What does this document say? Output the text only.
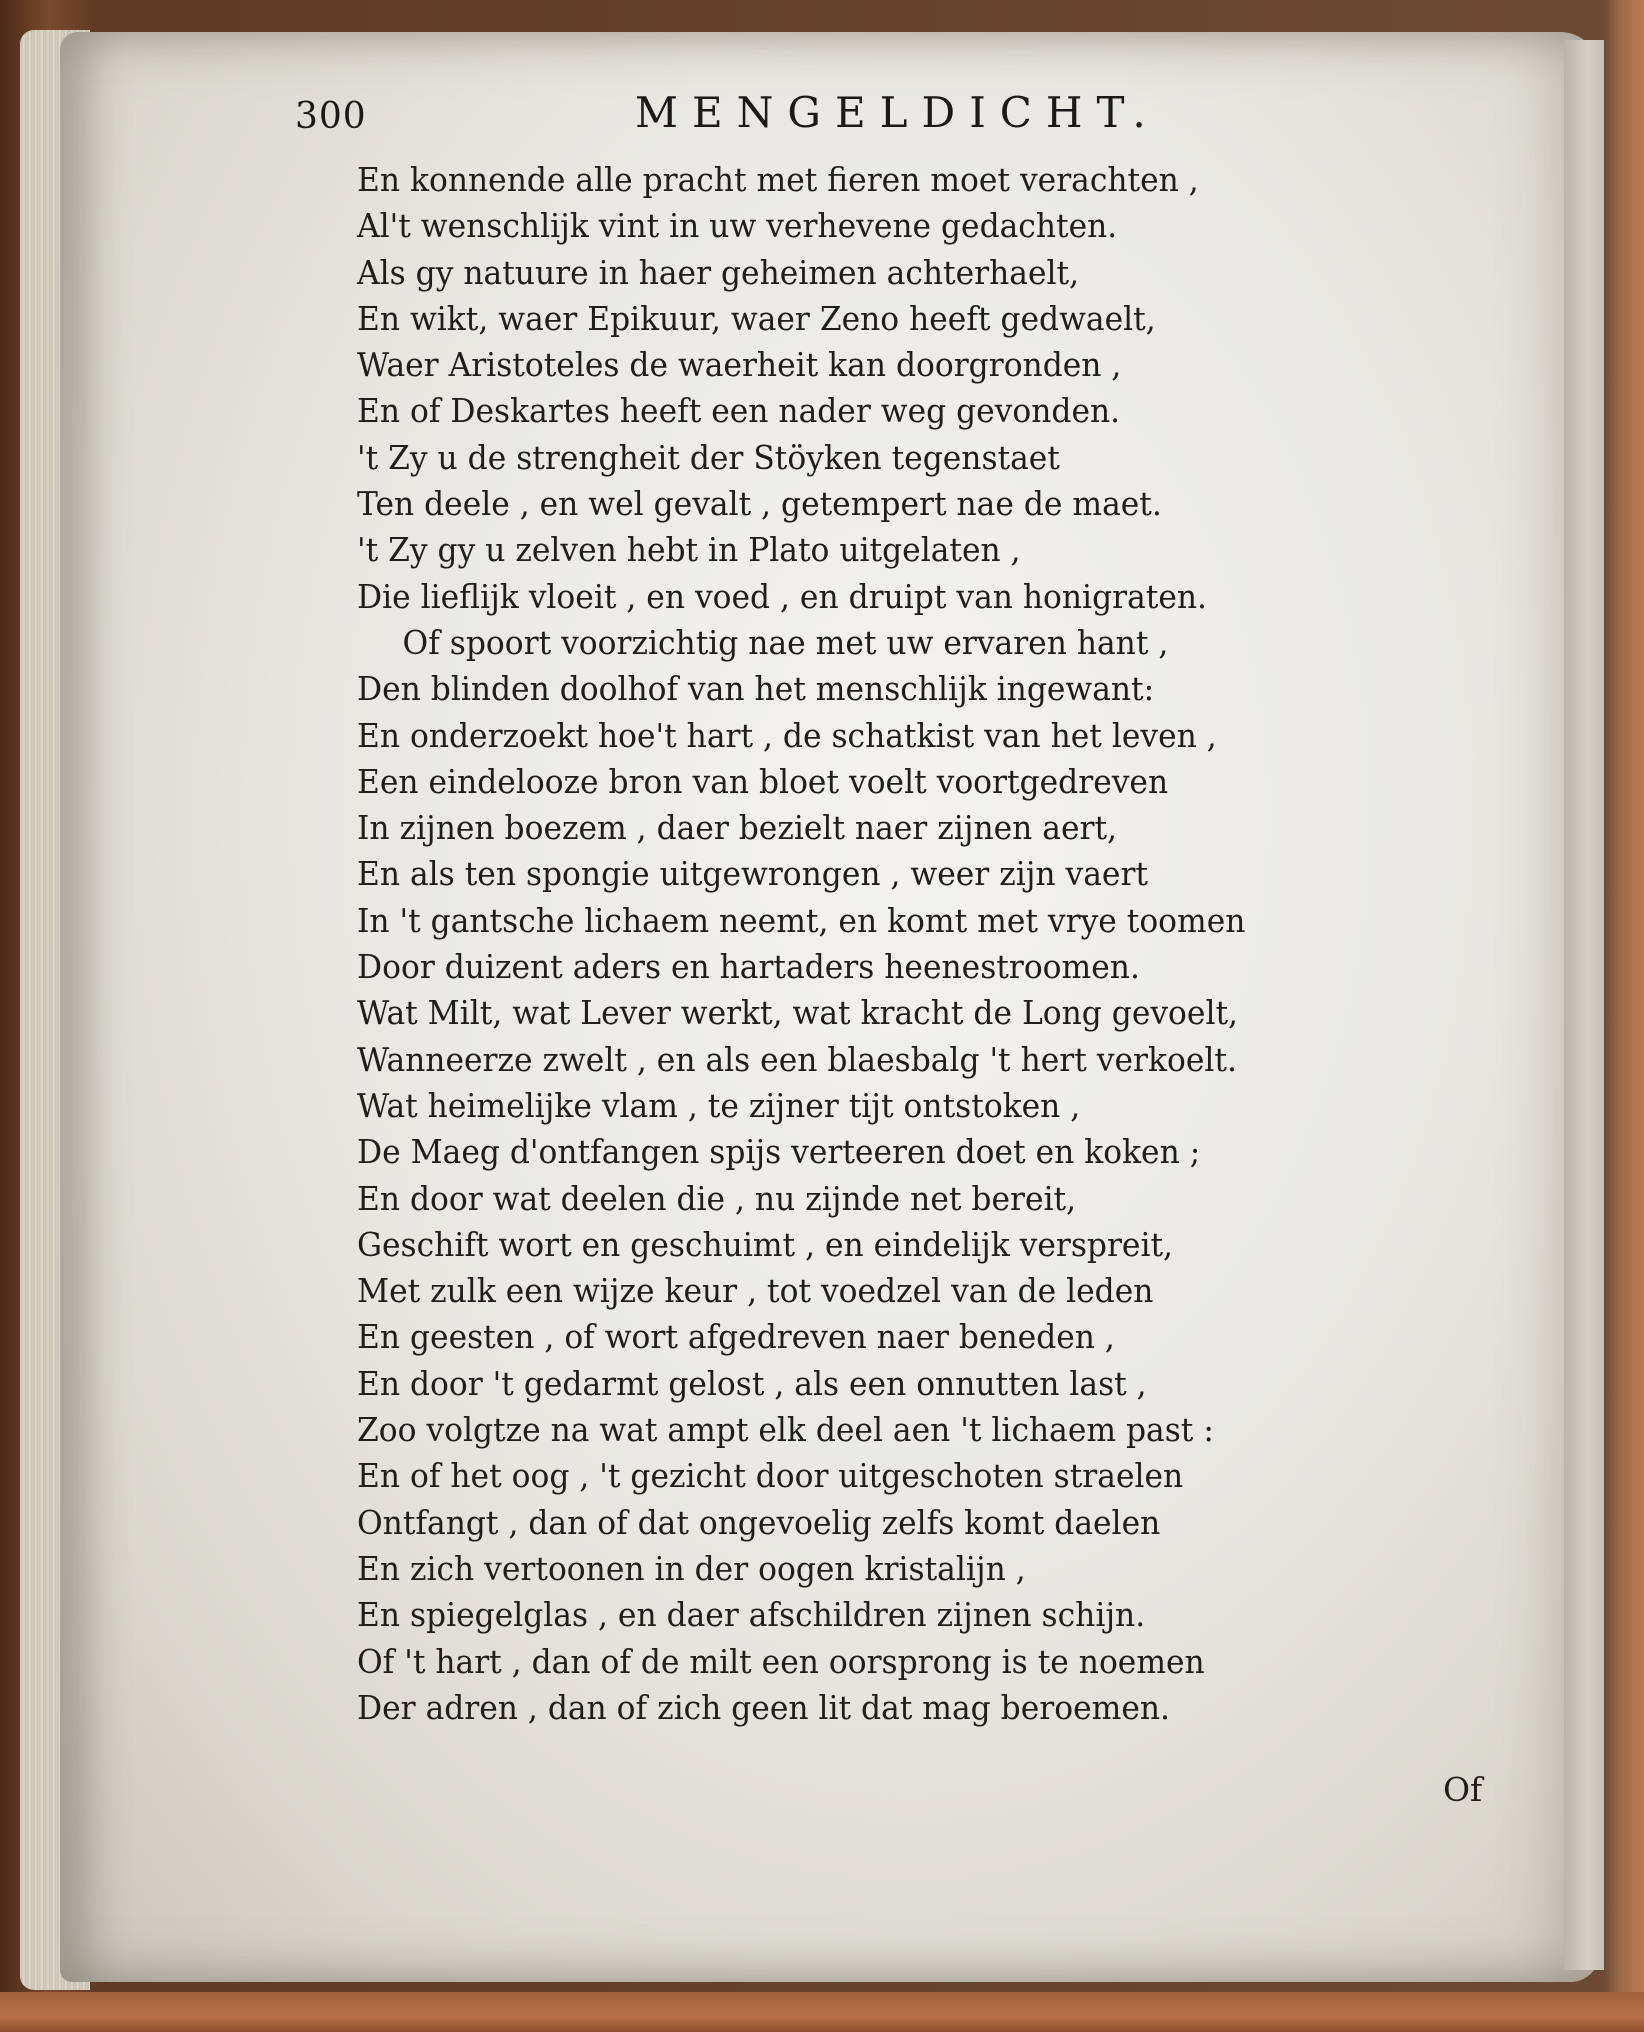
300	MENGELDICHT.
En konnende alle pracht met fieren moet verachten ,
Al't wenschlijk vint in uw verhevene gedachten.
Als gy natuure in haer geheimen achterhaelt,
En wikt, waer Epikuur, waer Zeno heeft gedwaelt,
Waer Aristoteles de waerheit kan doorgronden ,
En of Deskartes heeft een nader weg gevonden.
't Zy u de strengheit der Stöyken tegenstaet
Ten deele , en wel gevalt , getempert nae de maet.
't Zy gy u zelven hebt in Plato uitgelaten ,
Die lieflijk vloeit , en voed , en druipt van honigraten.
Of spoort voorzichtig nae met uw ervaren hant ,
Den blinden doolhof van het menschlijk ingewant:
En onderzoekt hoe't hart , de schatkist van het leven ,
Een eindelooze bron van bloet voelt voortgedreven
In zijnen boezem , daer bezielt naer zijnen aert,
En als ten spongie uitgewrongen , weer zijn vaert
In 't gantsche lichaem neemt, en komt met vrye toomen
Door duizent aders en hartaders heenestroomen.
Wat Milt, wat Lever werkt, wat kracht de Long gevoelt,
Wanneerze zwelt , en als een blaesbalg 't hert verkoelt.
Wat heimelijke vlam , te zijner tijt ontstoken ,
De Maeg d'ontfangen spijs verteeren doet en koken ;
En door wat deelen die , nu zijnde net bereit,
Geschift wort en geschuimt , en eindelijk verspreit,
Met zulk een wijze keur , tot voedzel van de leden
En geesten , of wort afgedreven naer beneden ,
En door 't gedarmt gelost , als een onnutten last ,
Zoo volgtze na wat ampt elk deel aen 't lichaem past :
En of het oog , 't gezicht door uitgeschoten straelen
Ontfangt , dan of dat ongevoelig zelfs komt daelen
En zich vertoonen in der oogen kristalijn ,
En spiegelglas , en daer afschildren zijnen schijn.
Of 't hart , dan of de milt een oorsprong is te noemen
Der adren , dan of zich geen lit dat mag beroemen.
Of
